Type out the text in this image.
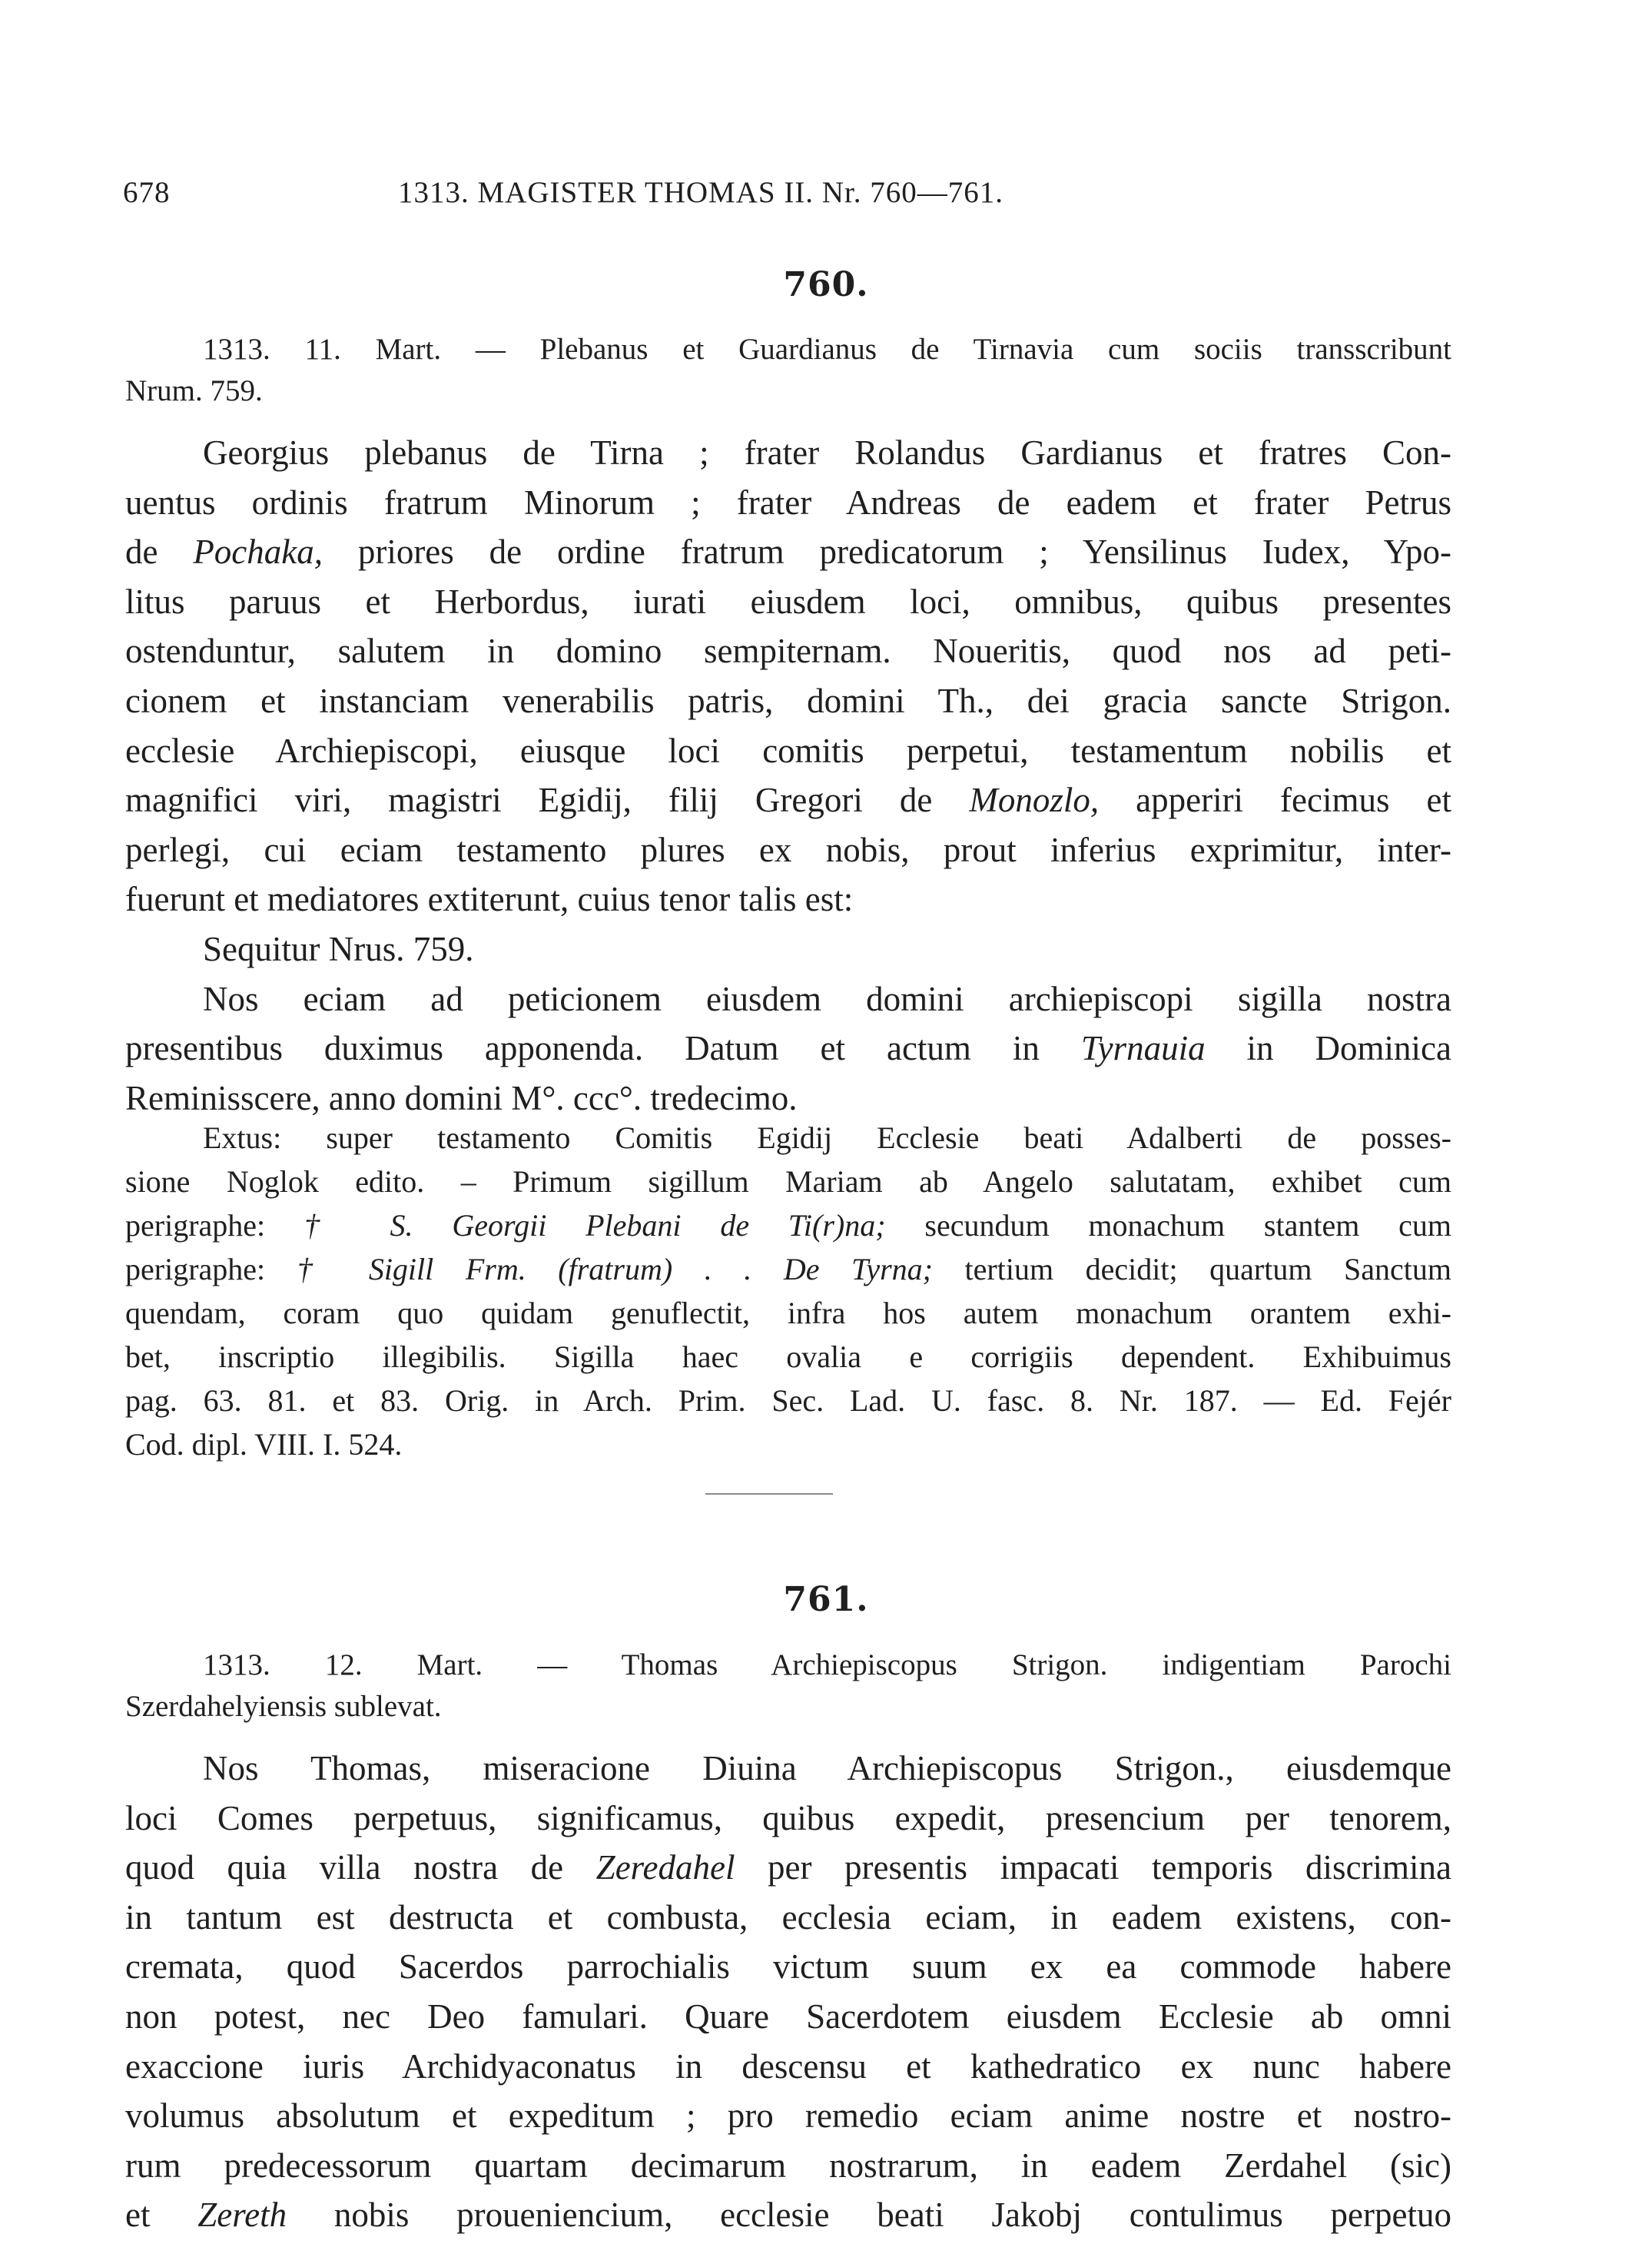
678	1313. MAGISTER THOMAS II. Nr. 760—761.
760.
1313. 11. Mart. — Plebanus et Guardianus de Tirnavia cum sociis transscribunt
Nrum. 759.
Georgius plebanus de Tirna ; frater Rolandus Gardianus et fratres Con-
uentus ordinis fratrum Minorum ; frater Andreas de eadem et frater Petrus
de Pochaka, priores de ordine fratrum predicatorum ; Yensilinus Iudex, Ypo-
litus paruus et Herbordus, iurati eiusdem loci, omnibus, quibus presentes
ostenduntur, salutem in domino sempiternam. Noueritis, quod nos ad peti-
cionem et instanciam venerabilis patris, domini Th., dei gracia sancte Strigon.
ecclesie Archiepiscopi, eiusque loci comitis perpetui, testamentum nobilis et
magnifici viri, magistri Egidij, filij Gregori de Monozlo, apperiri fecimus et
perlegi, cui eciam testamento plures ex nobis, prout inferius exprimitur, inter-
fuerunt et mediatores extiterunt, cuius tenor talis est:
Sequitur Nrus. 759.
Nos eciam ad peticionem eiusdem domini archiepiscopi sigilla nostra
presentibus duximus apponenda. Datum et actum in Tyrnauia in Dominica
Reminisscere, anno domini M°. ccc°. tredecimo.
Extus: super testamento Comitis Egidij Ecclesie beati Adalberti de posses-
sione Noglok edito. – Primum sigillum Mariam ab Angelo salutatam, exhibet cum
perigraphe: † S. Georgii Plebani de Ti(r)na; secundum monachum stantem cum
perigraphe: † Sigill Frm. (fratrum) . . De Tyrna; tertium decidit; quartum Sanctum
quendam, coram quo quidam genuflectit, infra hos autem monachum orantem exhi-
bet, inscriptio illegibilis. Sigilla haec ovalia e corrigiis dependent. Exhibuimus
pag. 63. 81. et 83. Orig. in Arch. Prim. Sec. Lad. U. fasc. 8. Nr. 187. — Ed. Fejér
Cod. dipl. VIII. I. 524.
761.
1313. 12. Mart. — Thomas Archiepiscopus Strigon. indigentiam Parochi
Szerdahelyiensis sublevat.
Nos Thomas, miseracione Diuina Archiepiscopus Strigon., eiusdemque
loci Comes perpetuus, significamus, quibus expedit, presencium per tenorem,
quod quia villa nostra de Zeredahel per presentis impacati temporis discrimina
in tantum est destructa et combusta, ecclesia eciam, in eadem existens, con-
cremata, quod Sacerdos parrochialis victum suum ex ea commode habere
non potest, nec Deo famulari. Quare Sacerdotem eiusdem Ecclesie ab omni
exaccione iuris Archidyaconatus in descensu et kathedratico ex nunc habere
volumus absolutum et expeditum ; pro remedio eciam anime nostre et nostro-
rum predecessorum quartam decimarum nostrarum, in eadem Zerdahel (sic)
et Zereth nobis proueniencium, ecclesie beati Jakobj contulimus perpetuo
